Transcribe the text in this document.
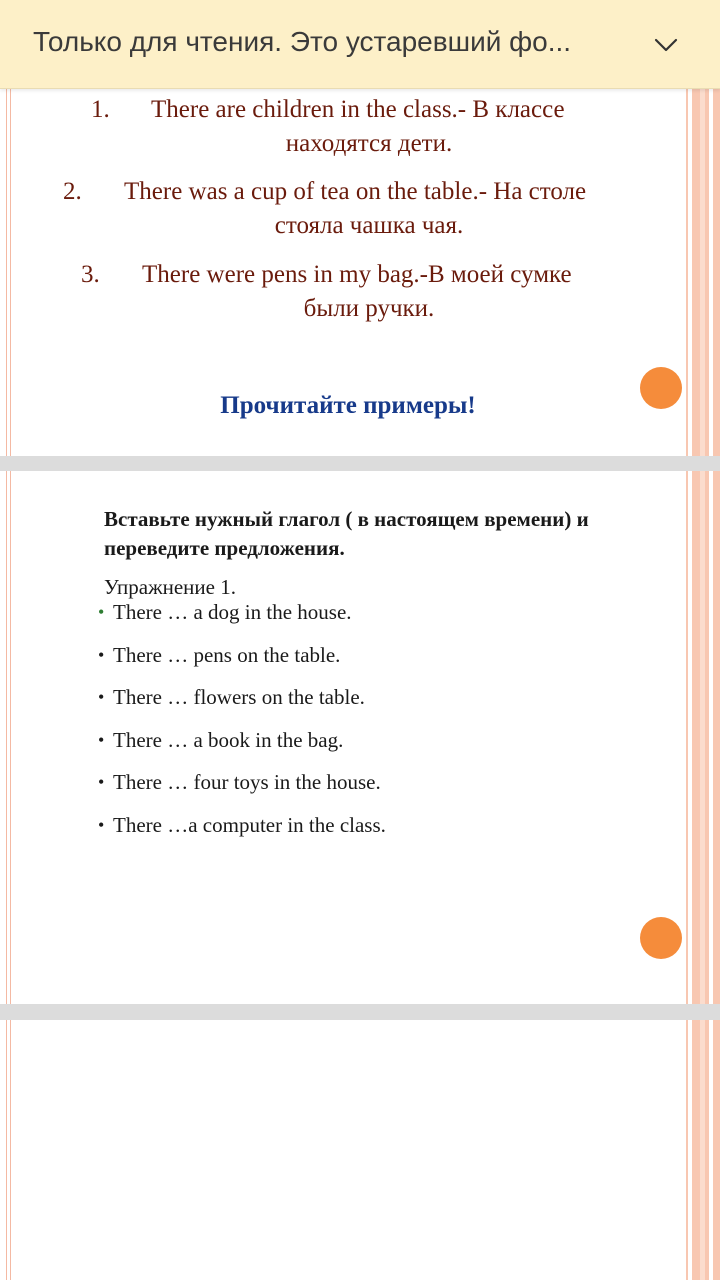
Только для чтения. Это устаревший фо...
1. There are children in the class.- В классе
находятся дети.
2. There was a cup of tea on the table.- На столе
стояла чашка чая.
3. There were pens in my bag.-В моей сумке
были ручки.
Прочитайте примеры!
Вставьте нужный глагол ( в настоящем времени) и переведите предложения.
Упражнение 1.
• There … a dog in the house.
• There … pens on the table.
• There … flowers on the table.
• There … a book in the bag.
• There … four toys in the house.
• There …a computer in the class.
